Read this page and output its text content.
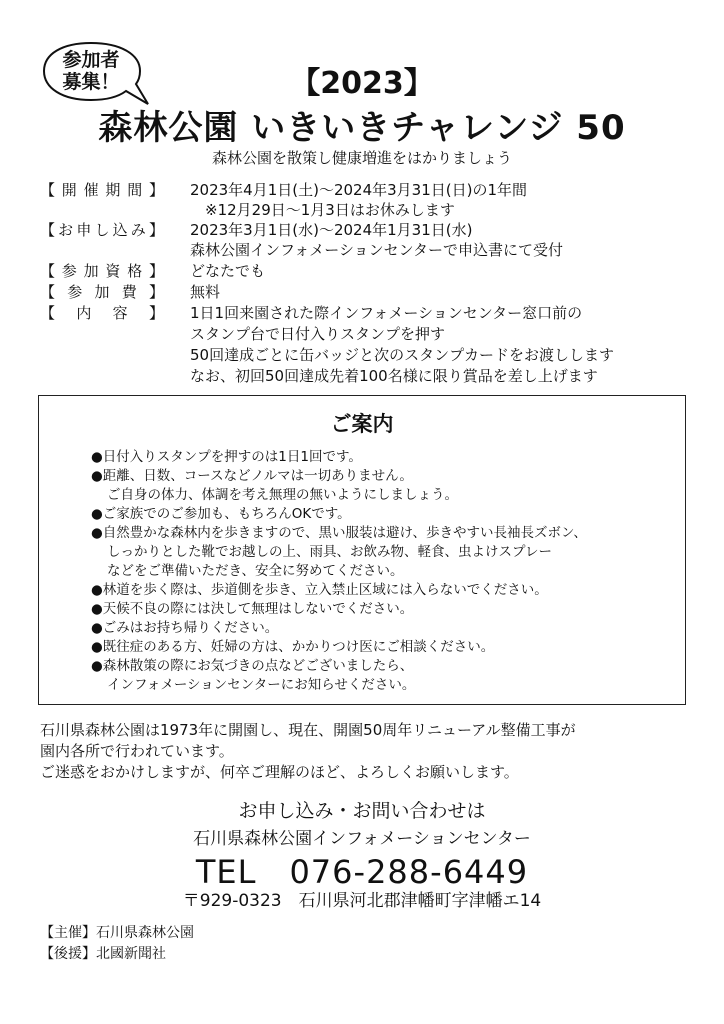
参加者
募集！	【2023】
森林公園 いきいきチャレンジ 50
森林公園を散策し健康増進をはかりましょう
【 開 催 期 間 】 2023年4月1日(土)～2024年3月31日(日)の1年間
　※12月29日～1月3日はお休みします
【 お 申 し 込 み 】 2023年3月1日(水)～2024年1月31日(水)
森林公園インフォメーションセンターで申込書にて受付
【 参 加 資 格 】 どなたでも
【 参 加 費 】 無料
【 内 容 】 1日1回来園された際インフォメーションセンター窓口前の
スタンプ台で日付入りスタンプを押す
50回達成ごとに缶バッジと次のスタンプカードをお渡しします
なお、初回50回達成先着100名様に限り賞品を差し上げます
ご案内
●日付入りスタンプを押すのは1日1回です。
●距離、日数、コースなどノルマは一切ありません。
ご自身の体力、体調を考え無理の無いようにしましょう。
●ご家族でのご参加も、もちろんOKです。
●自然豊かな森林内を歩きますので、黒い服装は避け、歩きやすい長袖長ズボン、
しっかりとした靴でお越しの上、雨具、お飲み物、軽食、虫よけスプレー
などをご準備いただき、安全に努めてください。
●林道を歩く際は、歩道側を歩き、立入禁止区域には入らないでください。
●天候不良の際には決して無理はしないでください。
●ごみはお持ち帰りください。
●既往症のある方、妊婦の方は、かかりつけ医にご相談ください。
●森林散策の際にお気づきの点などございましたら、
インフォメーションセンターにお知らせください。
石川県森林公園は1973年に開園し、現在、開園50周年リニューアル整備工事が
園内各所で行われています。
ご迷惑をおかけしますが、何卒ご理解のほど、よろしくお願いします。
お申し込み・お問い合わせは
石川県森林公園インフォメーションセンター
TEL　076-288-6449
〒929-0323　石川県河北郡津幡町字津幡エ14
【主催】石川県森林公園
【後援】北國新聞社
